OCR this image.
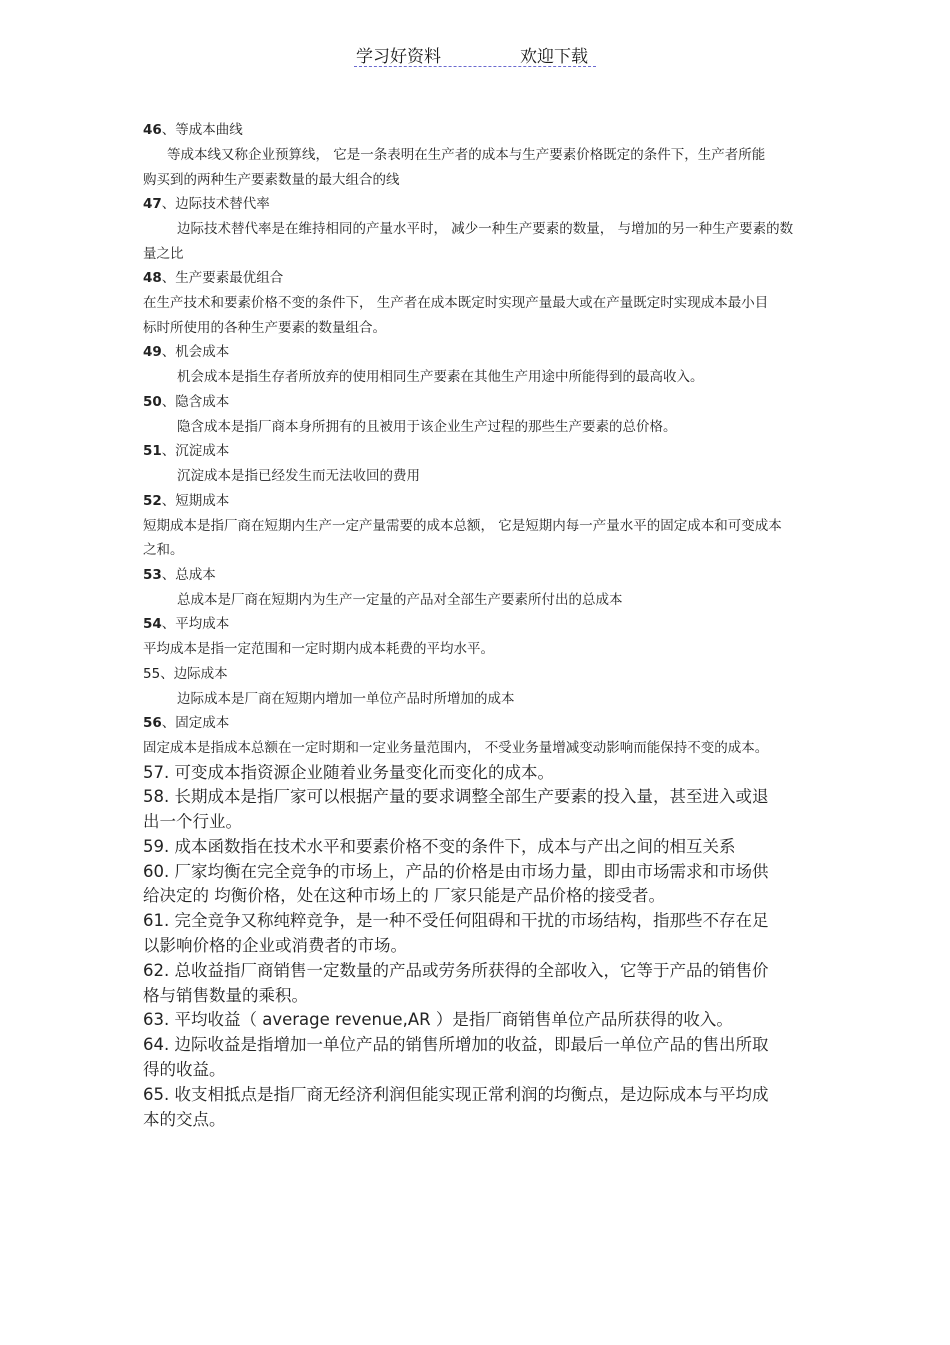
学习好资料	欢迎下载
46、等成本曲线

等成本线又称企业预算线， 它是一条表明在生产者的成本与生产要素价格既定的条件下，生产者所能购买到的两种生产要素数量的最大组合的线

47、边际技术替代率

边际技术替代率是在维持相同的产量水平时， 减少一种生产要素的数量， 与增加的另一种生产要素的数量之比

48、生产要素最优组合

在生产技术和要素价格不变的条件下， 生产者在成本既定时实现产量最大或在产量既定时实现成本最小目标时所使用的各种生产要素的数量组合。

49、机会成本

机会成本是指生存者所放弃的使用相同生产要素在其他生产用途中所能得到的最高收入。

50、隐含成本

隐含成本是指厂商本身所拥有的且被用于该企业生产过程的那些生产要素的总价格。

51、沉淀成本

沉淀成本是指已经发生而无法收回的费用

52、短期成本

短期成本是指厂商在短期内生产一定产量需要的成本总额， 它是短期内每一产量水平的固定成本和可变成本之和。

53、总成本

总成本是厂商在短期内为生产一定量的产品对全部生产要素所付出的总成本

54、平均成本

平均成本是指一定范围和一定时期内成本耗费的平均水平。

55、边际成本

边际成本是厂商在短期内增加一单位产品时所增加的成本

56、固定成本

固定成本是指成本总额在一定时期和一定业务量范围内， 不受业务量增减变动影响而能保持不变的成本。

57. 可变成本指资源企业随着业务量变化而变化的成本。

58. 长期成本是指厂家可以根据产量的要求调整全部生产要素的投入量，甚至进入或退出一个行业。

59. 成本函数指在技术水平和要素价格不变的条件下，成本与产出之间的相互关系

60. 厂家均衡在完全竞争的市场上，产品的价格是由市场力量，即由市场需求和市场供给决定的 均衡价格，处在这种市场上的 厂家只能是产品价格的接受者。

61. 完全竞争又称纯粹竞争，是一种不受任何阻碍和干扰的市场结构，指那些不存在足以影响价格的企业或消费者的市场。

62. 总收益指厂商销售一定数量的产品或劳务所获得的全部收入，它等于产品的销售价格与销售数量的乘积。

63. 平均收益（ average revenue,AR ）是指厂商销售单位产品所获得的收入。

64. 边际收益是指增加一单位产品的销售所增加的收益，即最后一单位产品的售出所取得的收益。

65. 收支相抵点是指厂商无经济利润但能实现正常利润的均衡点，是边际成本与平均成本的交点。
